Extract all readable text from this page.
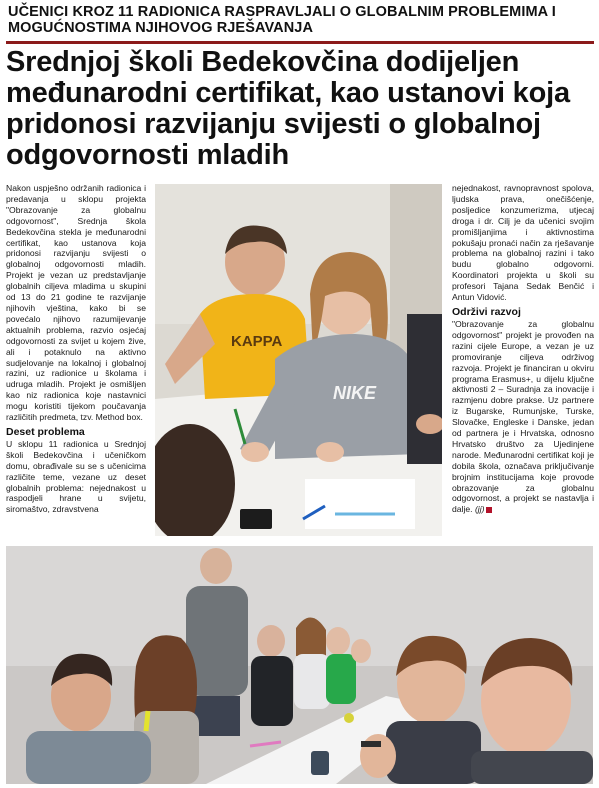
UČENICI KROZ 11 RADIONICA RASPRAVLJALI O GLOBALNIM PROBLEMIMA I MOGUĆNOSTIMA NJIHOVOG RJEŠAVANJA
Srednjoj školi Bedekovčina dodijeljen međunarodni certifikat, kao ustanovi koja pridonosi razvijanju svijesti o globalnoj odgovornosti mladih

Nakon uspješno održanih radionica i predavanja u sklopu projekta "Obrazovanje za globalnu odgovornost", Srednja škola Bedekovčina stekla je međunarodni certifikat, kao ustanova koja pridonosi razvijanju svijesti o globalnoj odgovornosti mladih. Projekt je vezan uz predstavljanje globalnih ciljeva mladima u skupini od 13 do 21 godine te razvijanje njihovih vještina, kako bi se povećalo njihovo razumijevanje aktualnih problema, razvio osjećaj odgovornosti za svijet u kojem žive, ali i potaknulo na aktivno sudjelovanje na lokalnoj i globalnoj razini, uz radionice u školama i udruga mladih. Projekt je osmišljen kao niz radionica koje nastavnici mogu koristiti tijekom poučavanja različitih predmeta, tzv. Method box.

Deset problema

U sklopu 11 radionica u Srednjoj školi Bedekovčina i učeničkom domu, obrađivale su se s učenicima različite teme, vezane uz deset globalnih problema: nejednakost u raspodjeli hrane u svijetu, siromaštvo, zdravstvena

KAPPA
NIKE

nejednakost, ravnopravnost spolova, ljudska prava, onečišćenje, posljedice konzumerizma, utjecaj droga i dr. Cilj je da učenici svojim promišljanjima i aktivnostima pokušaju pronaći način za rješavanje problema na globalnoj razini i tako budu globalno odgovorni. Koordinatori projekta u školi su profesori Tajana Sedak Benčić i Antun Vidović.

Održivi razvoj

"Obrazovanje za globalnu odgovornost" projekt je provođen na razini cijele Europe, a vezan je uz promoviranje ciljeva održivog razvoja. Projekt je financiran u okviru programa Erasmus+, u dijelu ključne aktivnosti 2 – Suradnja za inovacije i razmjenu dobre prakse. Uz partnere iz Bugarske, Rumunjske, Turske, Slovačke, Engleske i Danske, jedan od partnera je i Hrvatska, odnosno Hrvatsko društvo za Ujedinjene narode. Međunarodni certifikat koji je dobila škola, označava priključivanje brojnim institucijama koje provode obrazovanje za globalnu odgovornost, a projekt se nastavlja i dalje. (jj)
